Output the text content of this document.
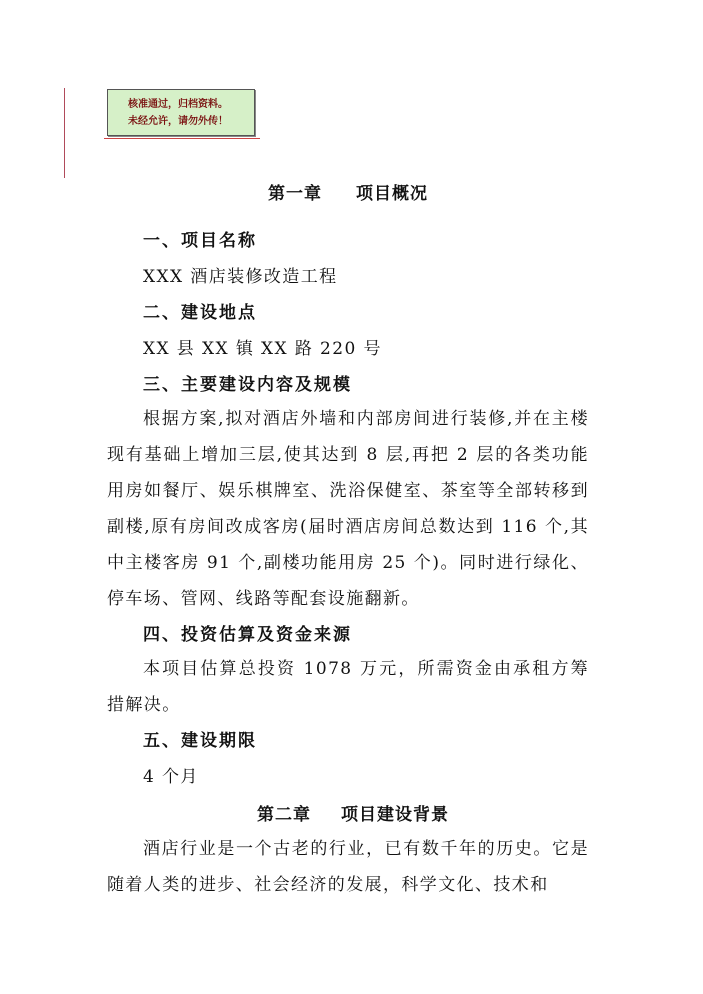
核准通过，归档资料。
未经允许，请勿外传！
第一章 项目概况
一、项目名称
XXX 酒店装修改造工程
二、建设地点
XX 县 XX 镇 XX 路 220 号
三、主要建设内容及规模
根据方案,拟对酒店外墙和内部房间进行装修,并在主楼现有基础上增加三层,使其达到 8 层,再把 2 层的各类功能用房如餐厅、娱乐棋牌室、洗浴保健室、茶室等全部转移到副楼,原有房间改成客房(届时酒店房间总数达到 116 个,其中主楼客房 91 个,副楼功能用房 25 个)。同时进行绿化、停车场、管网、线路等配套设施翻新。
四、投资估算及资金来源
本项目估算总投资 1078 万元，所需资金由承租方筹措解决。
五、建设期限
4 个月
第二章 项目建设背景
酒店行业是一个古老的行业，已有数千年的历史。它是随着人类的进步、社会经济的发展，科学文化、技术和
